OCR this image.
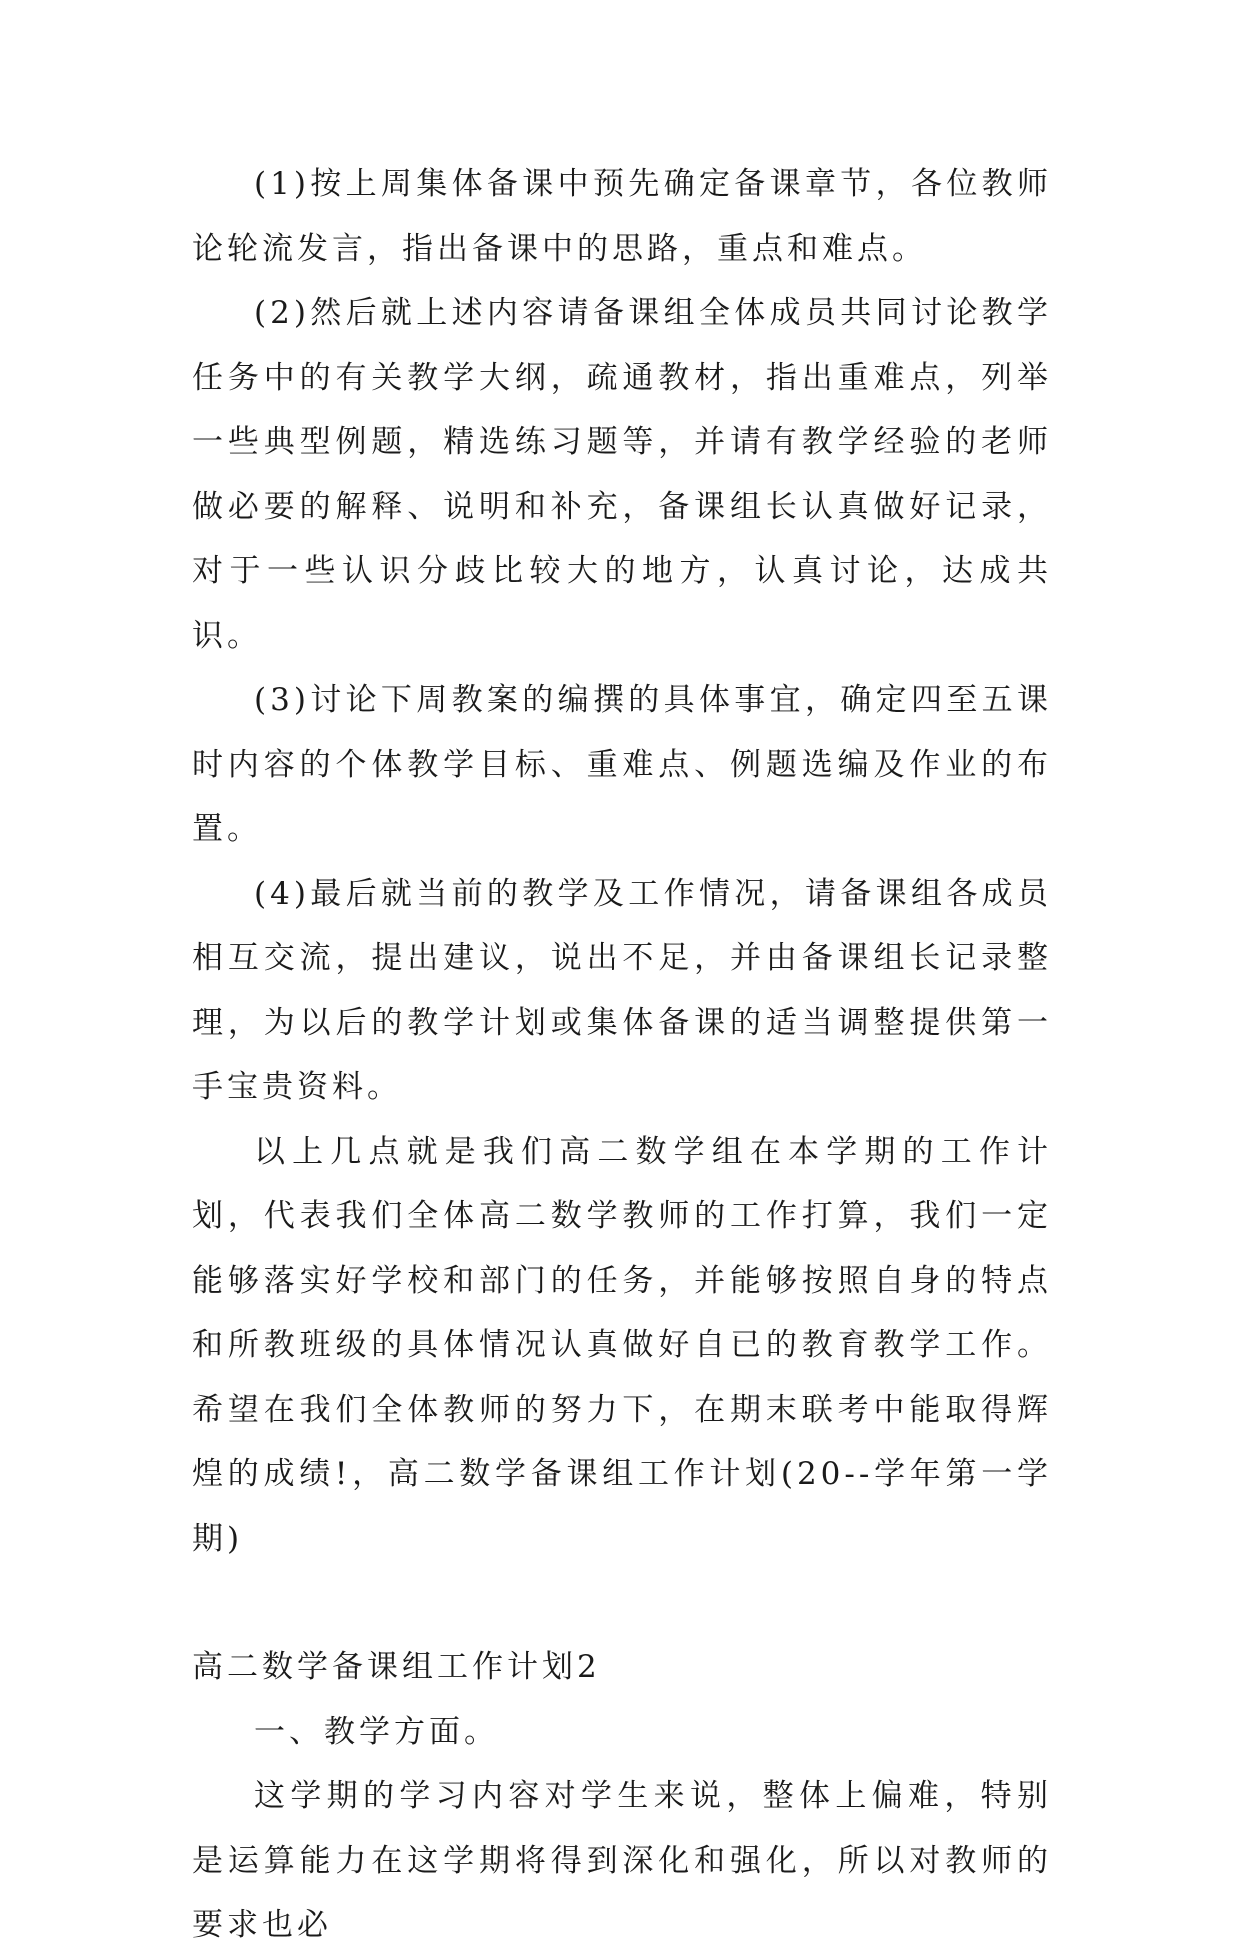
(1)按上周集体备课中预先确定备课章节，各位教师论轮流发言，指出备课中的思路，重点和难点。

(2)然后就上述内容请备课组全体成员共同讨论教学任务中的有关教学大纲，疏通教材，指出重难点，列举一些典型例题，精选练习题等，并请有教学经验的老师做必要的解释、说明和补充，备课组长认真做好记录，对于一些认识分歧比较大的地方，认真讨论，达成共识。

(3)讨论下周教案的编撰的具体事宜，确定四至五课时内容的个体教学目标、重难点、例题选编及作业的布置。

(4)最后就当前的教学及工作情况，请备课组各成员相互交流，提出建议，说出不足，并由备课组长记录整理，为以后的教学计划或集体备课的适当调整提供第一手宝贵资料。

以上几点就是我们高二数学组在本学期的工作计划，代表我们全体高二数学教师的工作打算，我们一定能够落实好学校和部门的任务，并能够按照自身的特点和所教班级的具体情况认真做好自已的教育教学工作。希望在我们全体教师的努力下，在期末联考中能取得辉煌的成绩!，高二数学备课组工作计划(20--学年第一学期)

高二数学备课组工作计划2

一、教学方面。

这学期的学习内容对学生来说，整体上偏难，特别是运算能力在这学期将得到深化和强化，所以对教师的要求也必
